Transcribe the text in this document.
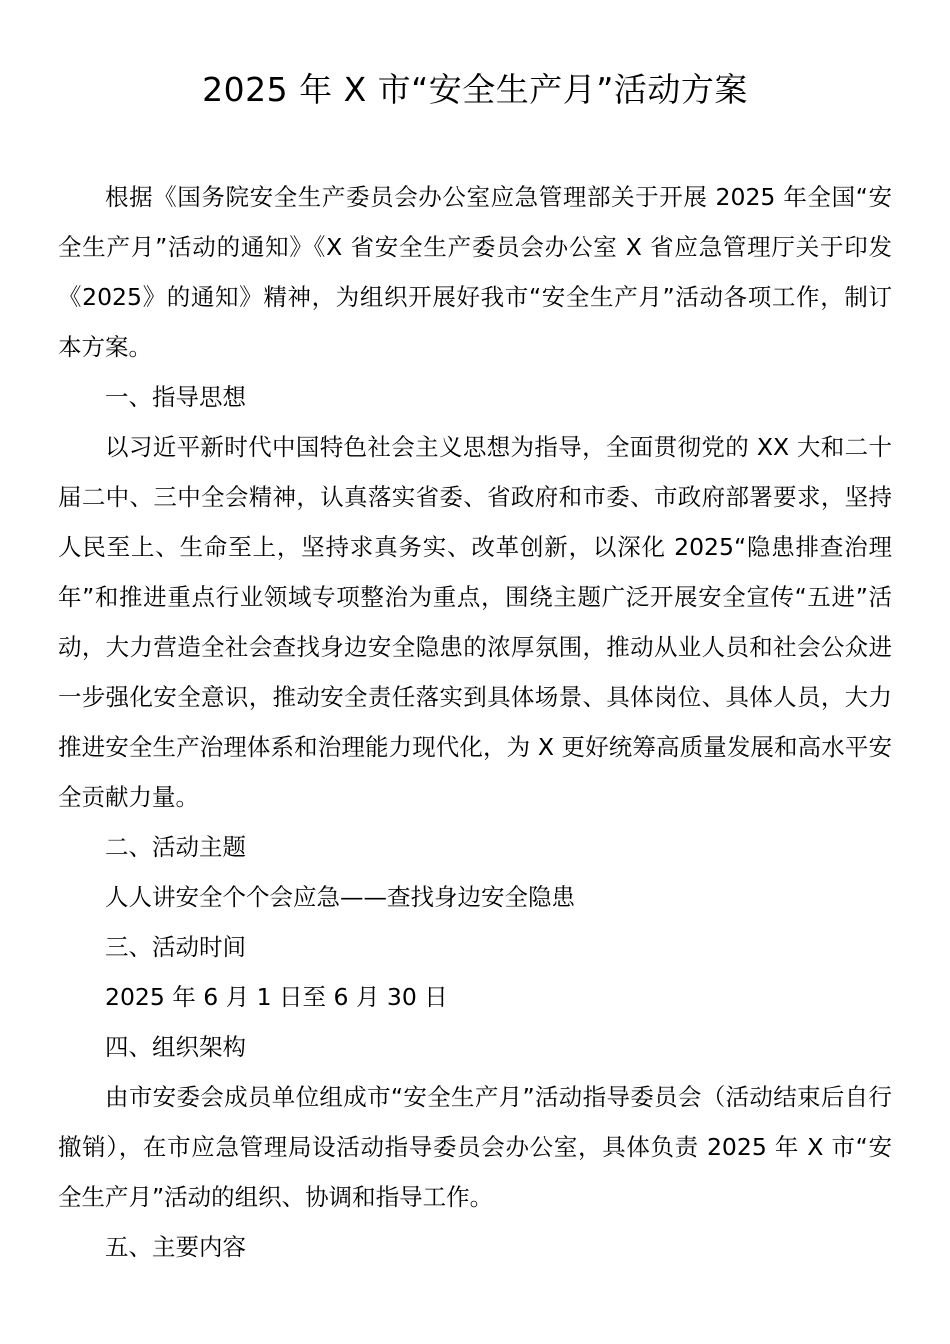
2025 年 X 市“安全生产月”活动方案

根据《国务院安全生产委员会办公室应急管理部关于开展 2025 年全国“安全生产月”活动的通知》《X 省安全生产委员会办公室 X 省应急管理厅关于印发《2025》的通知》精神，为组织开展好我市“安全生产月”活动各项工作，制订本方案。

一、指导思想

以习近平新时代中国特色社会主义思想为指导，全面贯彻党的 XX 大和二十届二中、三中全会精神，认真落实省委、省政府和市委、市政府部署要求，坚持人民至上、生命至上，坚持求真务实、改革创新，以深化 2025“隐患排查治理年”和推进重点行业领域专项整治为重点，围绕主题广泛开展安全宣传“五进”活动，大力营造全社会查找身边安全隐患的浓厚氛围，推动从业人员和社会公众进一步强化安全意识，推动安全责任落实到具体场景、具体岗位、具体人员，大力推进安全生产治理体系和治理能力现代化，为 X 更好统筹高质量发展和高水平安全贡献力量。

二、活动主题

人人讲安全个个会应急——查找身边安全隐患

三、活动时间

2025 年 6 月 1 日至 6 月 30 日

四、组织架构

由市安委会成员单位组成市“安全生产月”活动指导委员会（活动结束后自行撤销），在市应急管理局设活动指导委员会办公室，具体负责 2025 年 X 市“安全生产月”活动的组织、协调和指导工作。

五、主要内容
